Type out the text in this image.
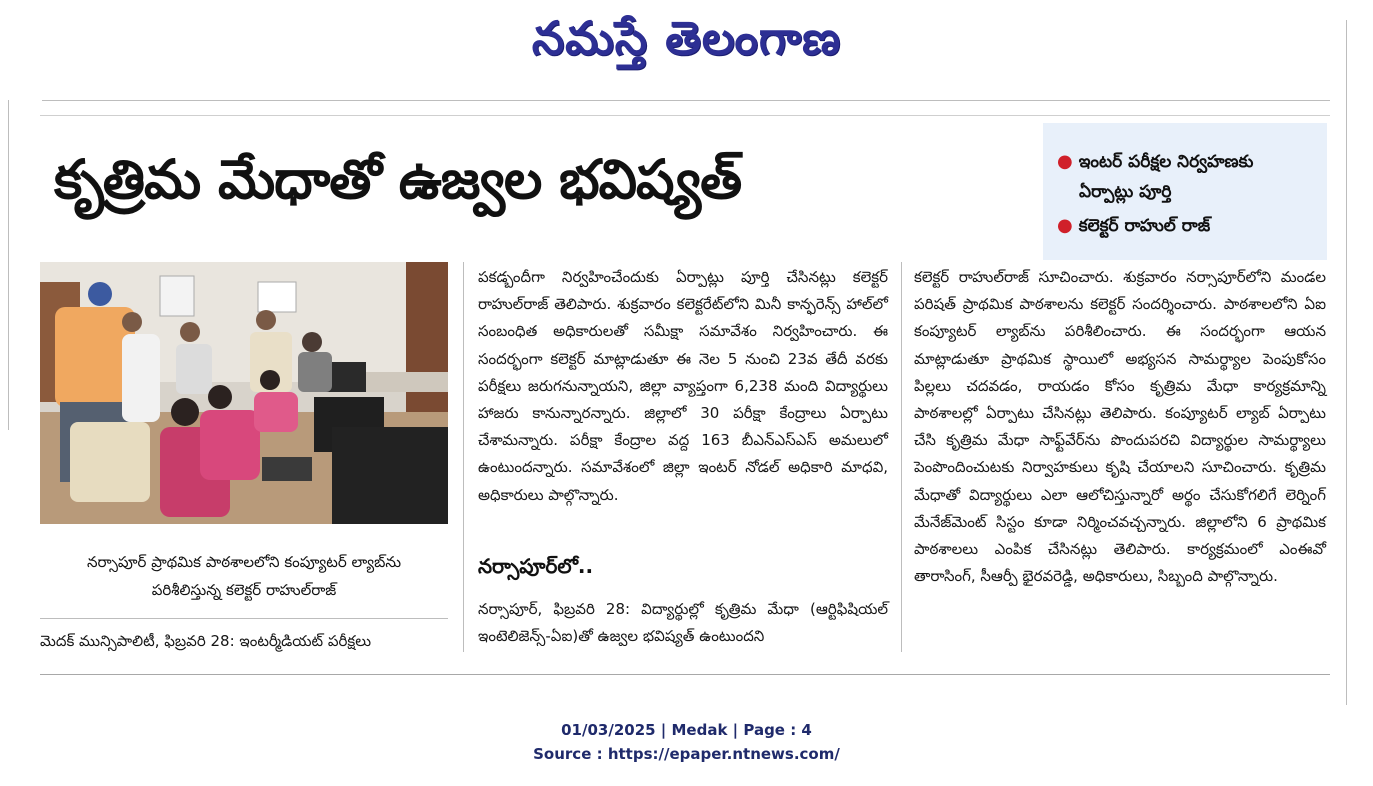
నమస్తే తెలంగాణ
కృత్రిమ మేధాతో ఉజ్వల భవిష్యత్	● ఇంటర్ పరీక్షల నిర్వహణకు
ఏర్పాట్లు పూర్తి
● కలెక్టర్ రాహుల్ రాజ్
నర్సాపూర్ ప్రాథమిక పాఠశాలలోని కంప్యూటర్ ల్యాబ్‌ను
పరిశీలిస్తున్న కలెక్టర్ రాహుల్‌రాజ్
మెదక్ మున్సిపాలిటీ, ఫిబ్రవరి 28: ఇంటర్మీడియట్ పరీక్షలు
పకడ్బందీగా నిర్వహించేందుకు ఏర్పాట్లు పూర్తి చేసినట్లు కలెక్టర్ రాహుల్‌రాజ్ తెలిపారు. శుక్రవారం కలెక్టరేట్‌లోని మినీ కాన్ఫరెన్స్ హాల్‌లో సంబంధిత అధికారులతో సమీక్షా సమావేశం నిర్వహించారు. ఈ సందర్భంగా కలెక్టర్ మాట్లాడుతూ ఈ నెల 5 నుంచి 23వ తేదీ వరకు పరీక్షలు జరుగనున్నాయని, జిల్లా వ్యాప్తంగా 6,238 మంది విద్యార్థులు హాజరు కానున్నారన్నారు. జిల్లాలో 30 పరీక్షా కేంద్రాలు ఏర్పాటు చేశామన్నారు. పరీక్షా కేంద్రాల వద్ద 163 బీఎన్‌ఎస్‌ఎస్ అమలులో ఉంటుందన్నారు. సమావేశంలో జిల్లా ఇంటర్ నోడల్ అధికారి మాధవి, అధికారులు పాల్గొన్నారు.
నర్సాపూర్‌లో..
నర్సాపూర్, ఫిబ్రవరి 28: విద్యార్థుల్లో కృత్రిమ మేధా (ఆర్టిఫిషియల్ ఇంటెలిజెన్స్-ఏఐ)తో ఉజ్వల భవిష్యత్ ఉంటుందని
కలెక్టర్ రాహుల్‌రాజ్ సూచించారు. శుక్రవారం నర్సాపూర్‌లోని మండల పరిషత్ ప్రాథమిక పాఠశాలను కలెక్టర్ సందర్శించారు. పాఠశాలలోని ఏఐ కంప్యూటర్ ల్యాబ్‌ను పరిశీలించారు. ఈ సందర్భంగా ఆయన మాట్లాడుతూ ప్రాథమిక స్థాయిలో అభ్యసన సామర్థ్యాల పెంపుకోసం పిల్లలు చదవడం, రాయడం కోసం కృత్రిమ మేధా కార్యక్రమాన్ని పాఠశాలల్లో ఏర్పాటు చేసినట్లు తెలిపారు. కంప్యూటర్ ల్యాబ్ ఏర్పాటు చేసి కృత్రిమ మేధా సాఫ్ట్‌వేర్‌ను పొందుపరచి విద్యార్థుల సామర్థ్యాలు పెంపొందించుటకు నిర్వాహకులు కృషి చేయాలని సూచించారు. కృత్రిమ మేధాతో విద్యార్థులు ఎలా ఆలోచిస్తున్నారో అర్థం చేసుకోగలిగే లెర్నింగ్ మేనేజ్‌మెంట్ సిస్టం కూడా నిర్మించవచ్చన్నారు. జిల్లాలోని 6 ప్రాథమిక పాఠశాలలు ఎంపిక చేసినట్లు తెలిపారు. కార్యక్రమంలో ఎంఈవో తారాసింగ్, సీఆర్పీ భైరవరెడ్డి, అధికారులు, సిబ్బంది పాల్గొన్నారు.
01/03/2025 | Medak | Page : 4
Source : https://epaper.ntnews.com/
